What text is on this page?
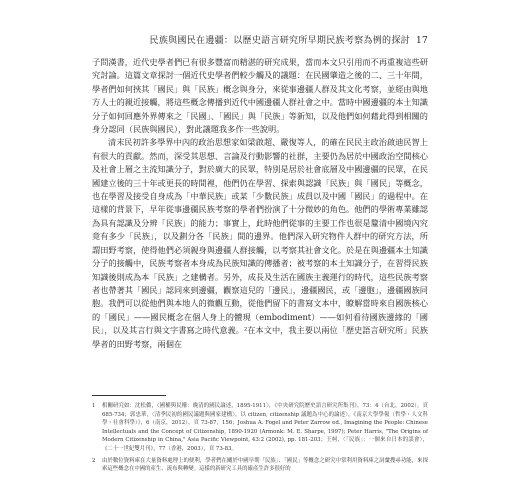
民族與國民在邊疆：以歷史語言研究所早期民族考察為例的探討 17

子問漢書，近代史學者們已有很多豐富而精湛的研究成果，當而本文只引用而不再重複這些研究討論。這篇文章探討一個近代史學者們較少觸及的議題：在民國肇造之後的二、三十年間，學者們如何挾其「國民」與「民族」概念與身分，來從事邊疆人群及其文化考察，並經由與地方人士的親近接觸，將這些概念傳播到近代中國邊疆人群社會之中。當時中國邊疆的本土知識分子如何回應外界傳來之「民國」、「國民」與「民族」等新知，以及他們如何藉此得到相關的身分認同（民族與國民），對此議題我多作一些說明。

清末民初許多學界中內的政治思想家如梁啟超、嚴復等人，的確在民民主政治啟迪民智上有很大的貢獻。然而，深受其思想、言論及行動影響的社群，主要仍為居於中國政治空間核心及社會上層之主流知識分子，對於廣大的民眾，特別是居於社會底層及中國邊疆的民眾，在民國建立後的三十年或更長的時間裡，他們仍在學習、探索與認識「民族」與「國民」等概念，也在學習及接受自身成為「中華民族」或某「少數民族」成員以及中國「國民」的過程中。在這樣的背景下，早年從事邊疆民族考察的學者們扮演了十分微妙的角色。他們的學術專業雖認為具有認識及分辨「民族」的能力；事實上，此時他們從事的主要工作也很是釐清中國境內究竟有多少「民族」，以及劃分各「民族」間的邊界。他們深入研究物件人群中的研究方法，所謂田野考察，使得他們必須親身與邊疆人群接觸，以考察其社會文化。於是在與邊疆本土知識分子的接觸中，民族考察者本身成為民族知識的傳播者；被考察的本土知識分子，在習得民族知識後則成為本「民族」之建構者。另外，成長及生活在國族主義運行的時代，這些民族考察者也帶著其「國民」認同來到邊疆，觀察這兒的「邊民」，邊疆國民，或「邊胞」，邊疆國族同胞。我們可以從他們與本地人的微觀互動，從他們留下的書寫文本中，瞭解當時來自國族核心的「國民」——國民概念在個人身上的體現（embodiment）——如何看待國族邊緣的「國民」，以及其言行與文字書寫之時代意義。²在本文中，我主要以兩位「歷史語言研究所」民族學者的田野考察，兩個在

1	相關研究如：沈松僑，〈國權與民權：晚清的國民論述，1895-1911〉，《中央研究院歷史語言研究所集刊》，73：4（台北，2002），頁 685-734；郭忠華，〈清季民初的國民議題與國家建構〉，以 citizen, citizenship 議題為中心的論述〉，《南京大學學報（哲學・人文科學・社會科學）》，6（南京，2012），頁 73-87，156；Joshua A. Fogel and Peter Zarrow ed., Imagining the People: Chinese Intellectuals and the Concept of Citizenship, 1890-1920 (Armonk: M. E. Sharpe, 1997); Peter Harris, "The Origins of Modern Citizenship in China," Asia Pacific Viewpoint, 43:2 (2002), pp. 181-203；王柯，〈「民族」：一個來自日本的誤會〉，《二十一世紀雙月刊》，77（香港，2003），頁 73-83。
2	由於數位資料庫在大量資料處理上的便利，學者們在關於中國早期「民族」、「國民」等概念之研究中常利用資料庫之詞彙搜尋功能，來探索這些概念在中國的產生、流布與轉變。這樣的新研究工具的確產生許多很好的
